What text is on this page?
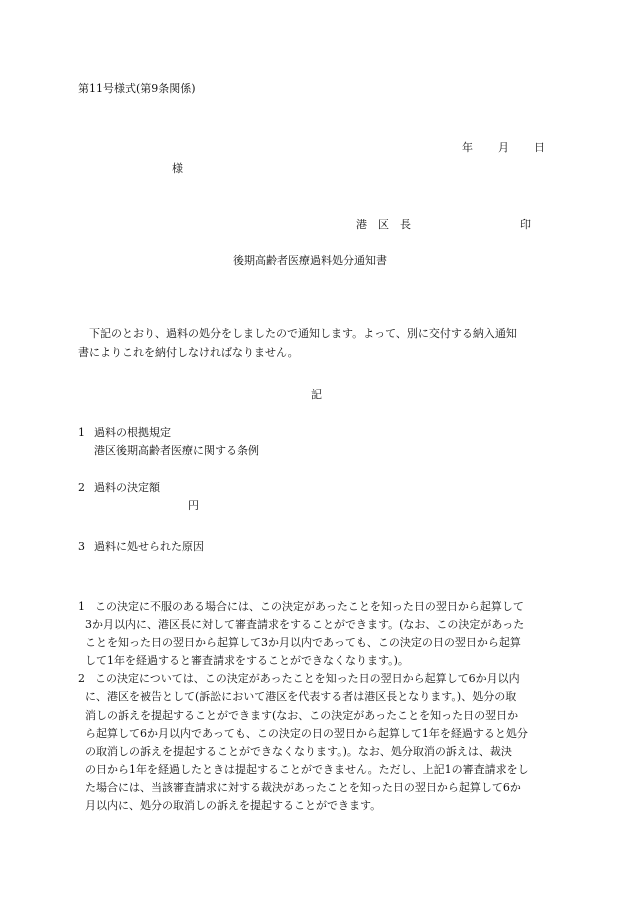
第11号様式(第9条関係)
年 月 日
様
港　区　長	印
後期高齢者医療過料処分通知書
下記のとおり、過料の処分をしましたので通知します。よって、別に交付する納入通知
書によりこれを納付しなければなりません。
記
1 過料の根拠規定
港区後期高齢者医療に関する条例
2 過料の決定額
円
3 過料に処せられた原因
1 この決定に不服のある場合には、この決定があったことを知った日の翌日から起算して
3か月以内に、港区長に対して審査請求をすることができます。(なお、この決定があった
ことを知った日の翌日から起算して3か月以内であっても、この決定の日の翌日から起算
して1年を経過すると審査請求をすることができなくなります。)。
2 この決定については、この決定があったことを知った日の翌日から起算して6か月以内
に、港区を被告として(訴訟において港区を代表する者は港区長となります。)、処分の取
消しの訴えを提起することができます(なお、この決定があったことを知った日の翌日か
ら起算して6か月以内であっても、この決定の日の翌日から起算して1年を経過すると処分
の取消しの訴えを提起することができなくなります。)。なお、処分取消の訴えは、裁決
の日から1年を経過したときは提起することができません。ただし、上記1の審査請求をし
た場合には、当該審査請求に対する裁決があったことを知った日の翌日から起算して6か
月以内に、処分の取消しの訴えを提起することができます。
